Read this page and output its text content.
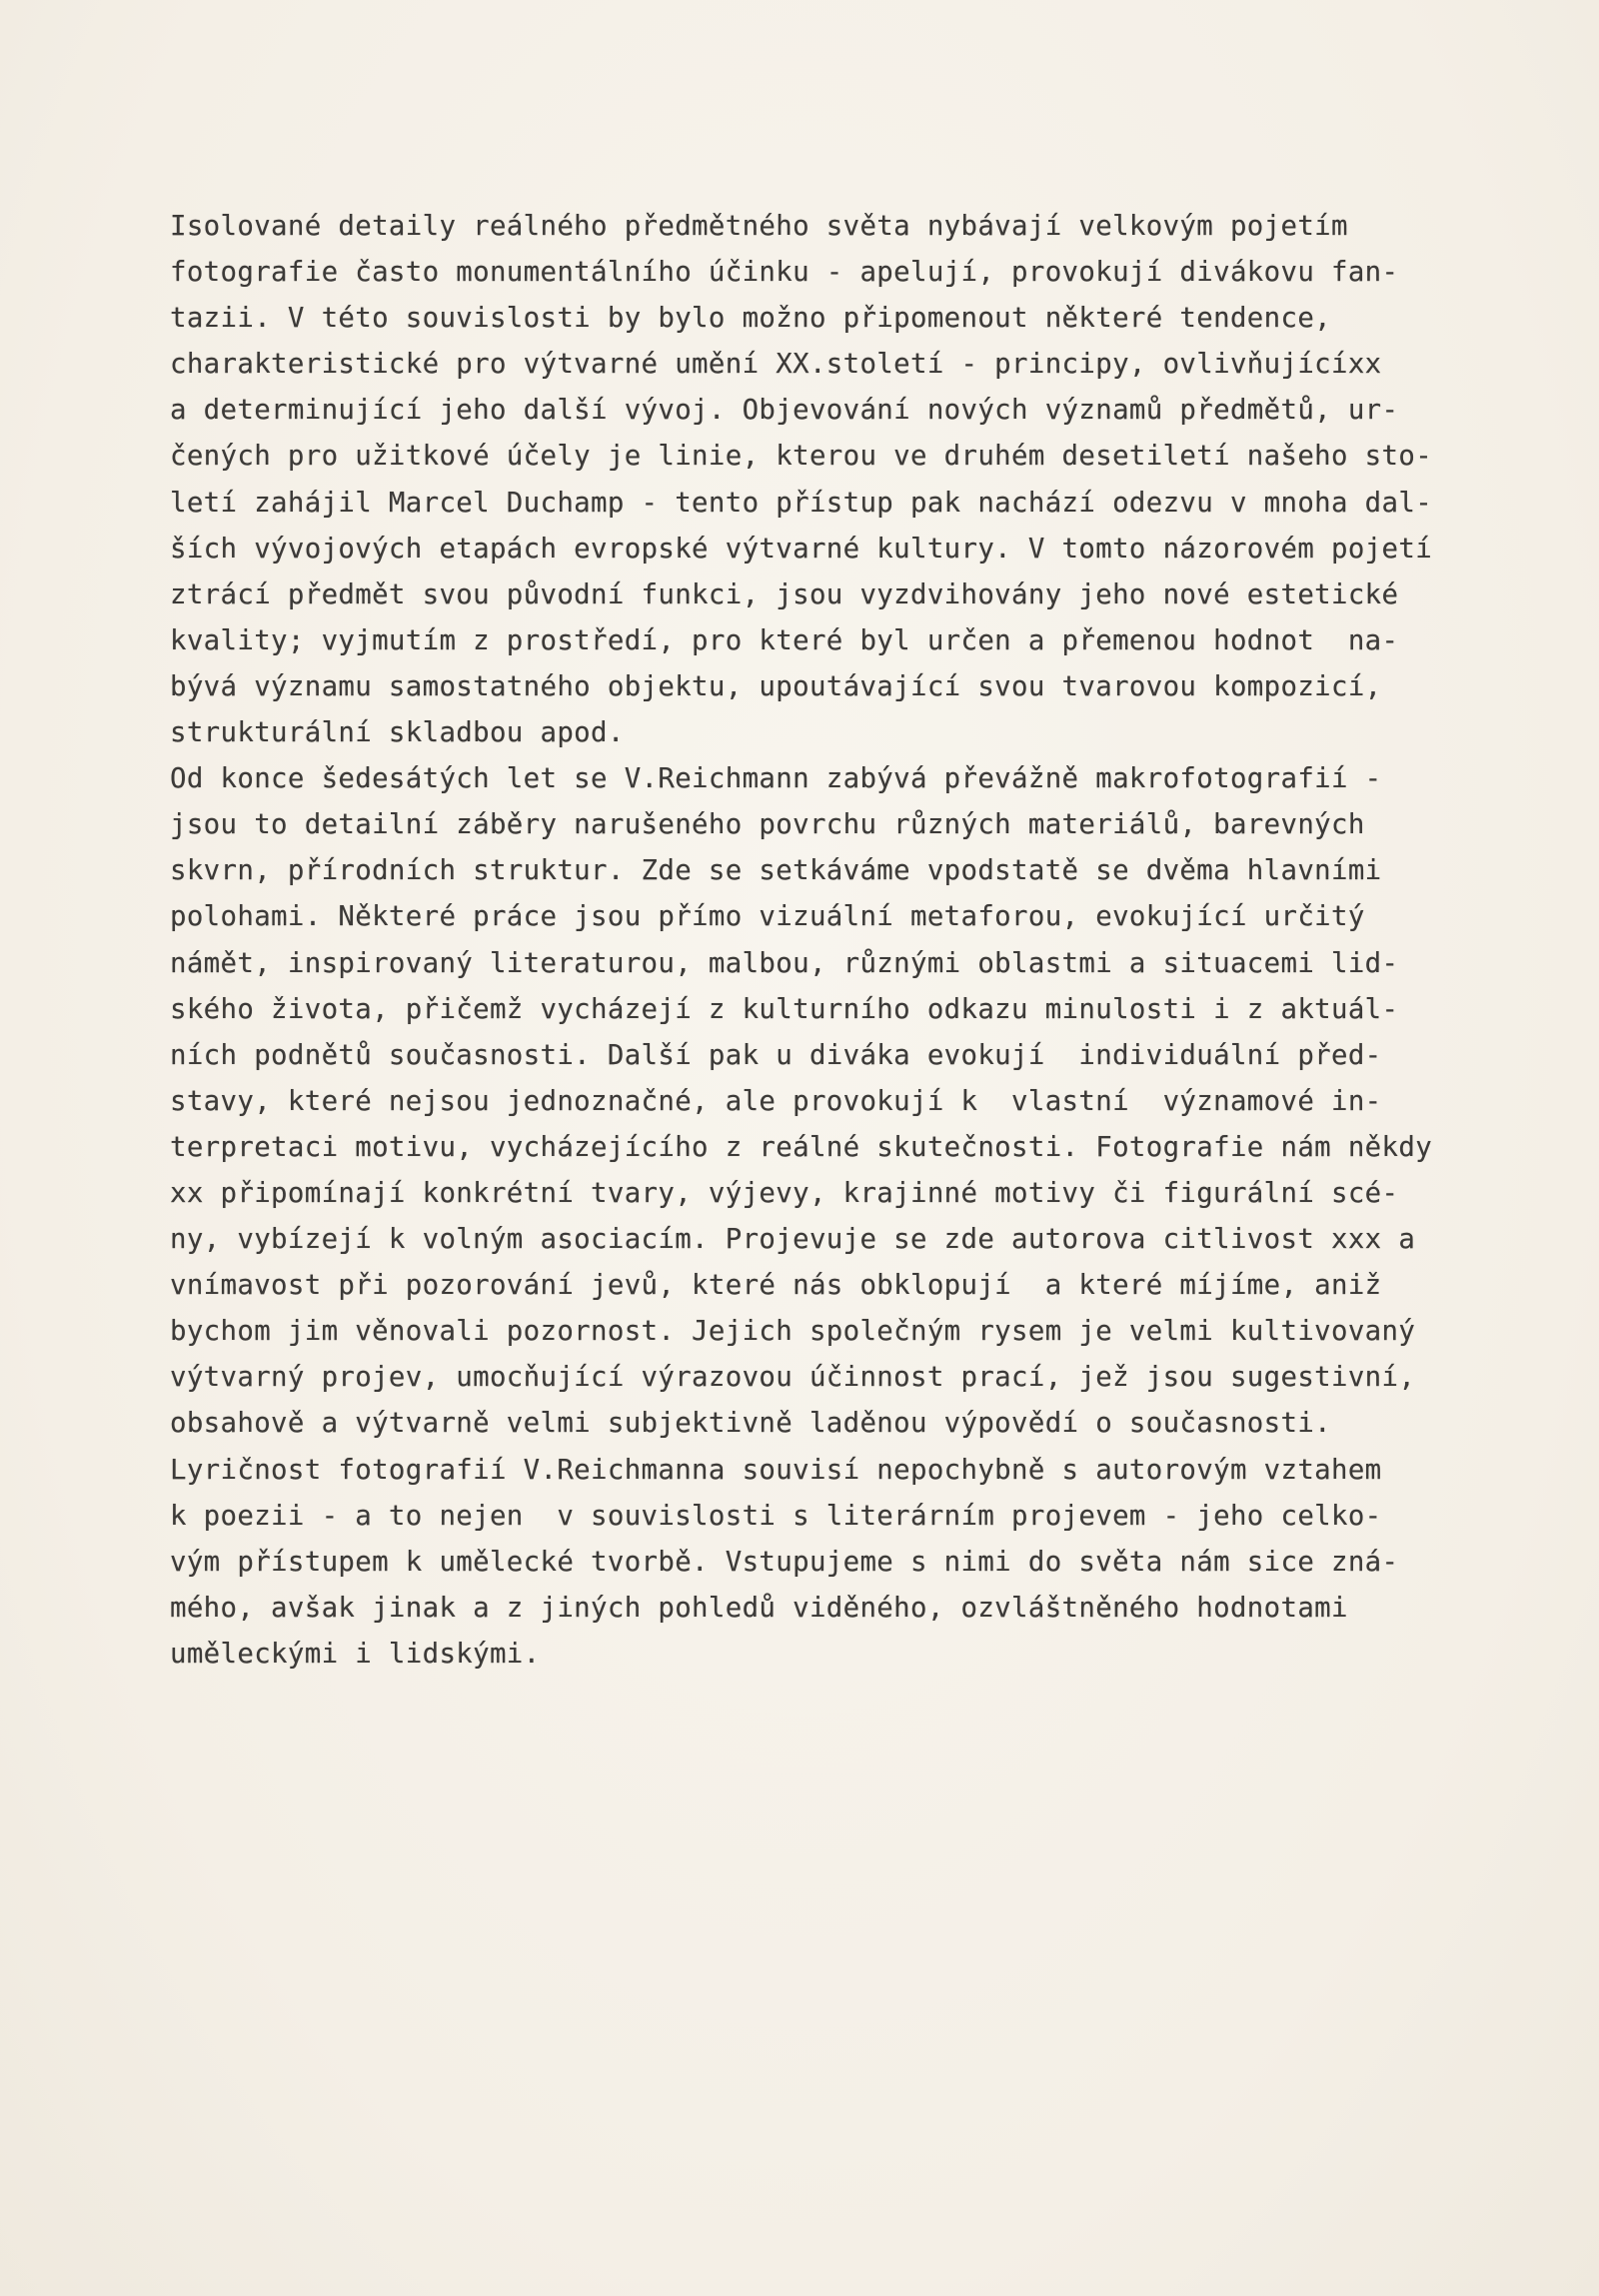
Isolované detaily reálného předmětného světa nybávají velkovým pojetím
fotografie často monumentálního účinku - apelují, provokují divákovu fan-
tazii. V této souvislosti by bylo možno připomenout některé tendence,
charakteristické pro výtvarné umění XX.století - principy, ovlivňujícíxx
a determinující jeho další vývoj. Objevování nových významů předmětů, ur-
čených pro užitkové účely je linie, kterou ve druhém desetiletí našeho sto-
letí zahájil Marcel Duchamp - tento přístup pak nachází odezvu v mnoha dal-
ších vývojových etapách evropské výtvarné kultury. V tomto názorovém pojetí
ztrácí předmět svou původní funkci, jsou vyzdvihovány jeho nové estetické
kvality; vyjmutím z prostředí, pro které byl určen a přemenou hodnot  na-
bývá významu samostatného objektu, upoutávající svou tvarovou kompozicí,
strukturální skladbou apod.
Od konce šedesátých let se V.Reichmann zabývá převážně makrofotografií -
jsou to detailní záběry narušeného povrchu různých materiálů, barevných
skvrn, přírodních struktur. Zde se setkáváme vpodstatě se dvěma hlavními
polohami. Některé práce jsou přímo vizuální metaforou, evokující určitý
námět, inspirovaný literaturou, malbou, různými oblastmi a situacemi lid-
ského života, přičemž vycházejí z kulturního odkazu minulosti i z aktuál-
ních podnětů současnosti. Další pak u diváka evokují  individuální před-
stavy, které nejsou jednoznačné, ale provokují k  vlastní  významové in-
terpretaci motivu, vycházejícího z reálné skutečnosti. Fotografie nám někdy
xx připomínají konkrétní tvary, výjevy, krajinné motivy či figurální scé-
ny, vybízejí k volným asociacím. Projevuje se zde autorova citlivost xxx a
vnímavost při pozorování jevů, které nás obklopují  a které míjíme, aniž
bychom jim věnovali pozornost. Jejich společným rysem je velmi kultivovaný
výtvarný projev, umocňující výrazovou účinnost prací, jež jsou sugestivní,
obsahově a výtvarně velmi subjektivně laděnou výpovědí o současnosti.
Lyričnost fotografií V.Reichmanna souvisí nepochybně s autorovým vztahem
k poezii - a to nejen  v souvislosti s literárním projevem - jeho celko-
vým přístupem k umělecké tvorbě. Vstupujeme s nimi do světa nám sice zná-
mého, avšak jinak a z jiných pohledů viděného, ozvláštněného hodnotami
uměleckými i lidskými.
